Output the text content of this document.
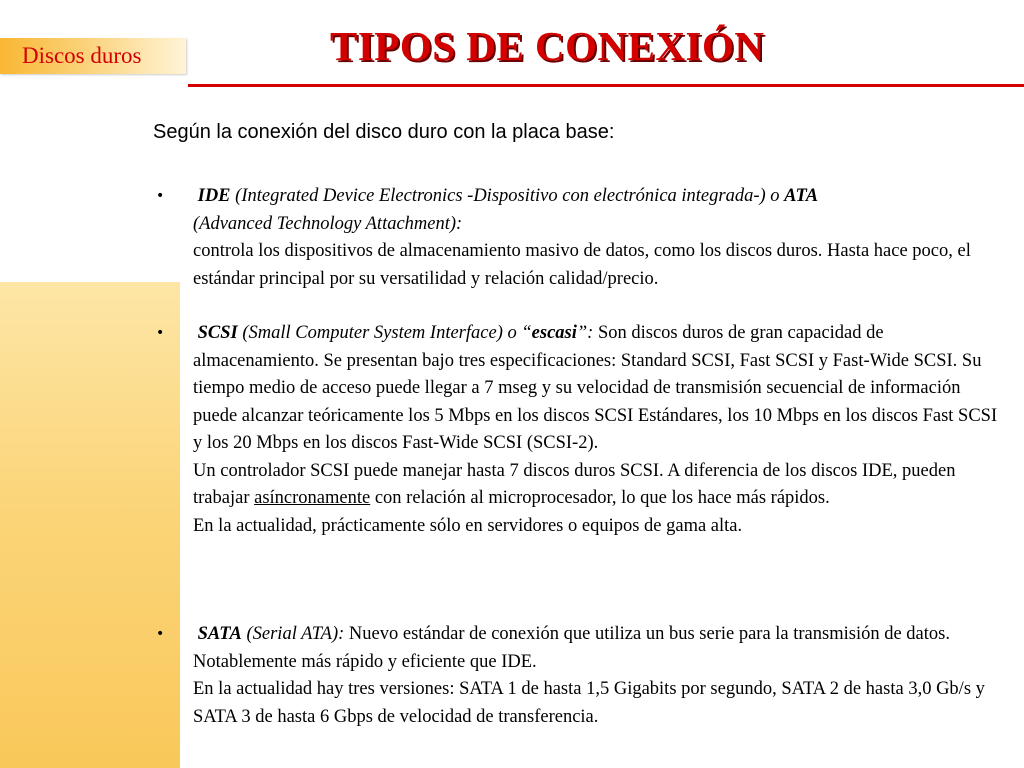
Discos duros	TIPOS DE CONEXIÓN
Según la conexión del disco duro con la placa base:
• IDE (Integrated Device Electronics -Dispositivo con electrónica integrada-) o ATA
(Advanced Technology Attachment):

controla los dispositivos de almacenamiento masivo de datos, como los discos duros. Hasta hace poco, el estándar principal por su versatilidad y relación calidad/precio.

• SCSI (Small Computer System Interface) o “escasi”: Son discos duros de gran capacidad de almacenamiento. Se presentan bajo tres especificaciones: Standard SCSI, Fast SCSI y Fast-Wide SCSI. Su tiempo medio de acceso puede llegar a 7 mseg y su velocidad de transmisión secuencial de información puede alcanzar teóricamente los 5 Mbps en los discos SCSI Estándares, los 10 Mbps en los discos Fast SCSI y los 20 Mbps en los discos Fast-Wide SCSI (SCSI-2).

Un controlador SCSI puede manejar hasta 7 discos duros SCSI. A diferencia de los discos IDE, pueden trabajar asíncronamente con relación al microprocesador, lo que los hace más rápidos.

En la actualidad, prácticamente sólo en servidores o equipos de gama alta.

• SATA (Serial ATA): Nuevo estándar de conexión que utiliza un bus serie para la transmisión de datos. Notablemente más rápido y eficiente que IDE.

En la actualidad hay tres versiones: SATA 1 de hasta 1,5 Gigabits por segundo, SATA 2 de hasta 3,0 Gb/s y SATA 3 de hasta 6 Gbps de velocidad de transferencia.
